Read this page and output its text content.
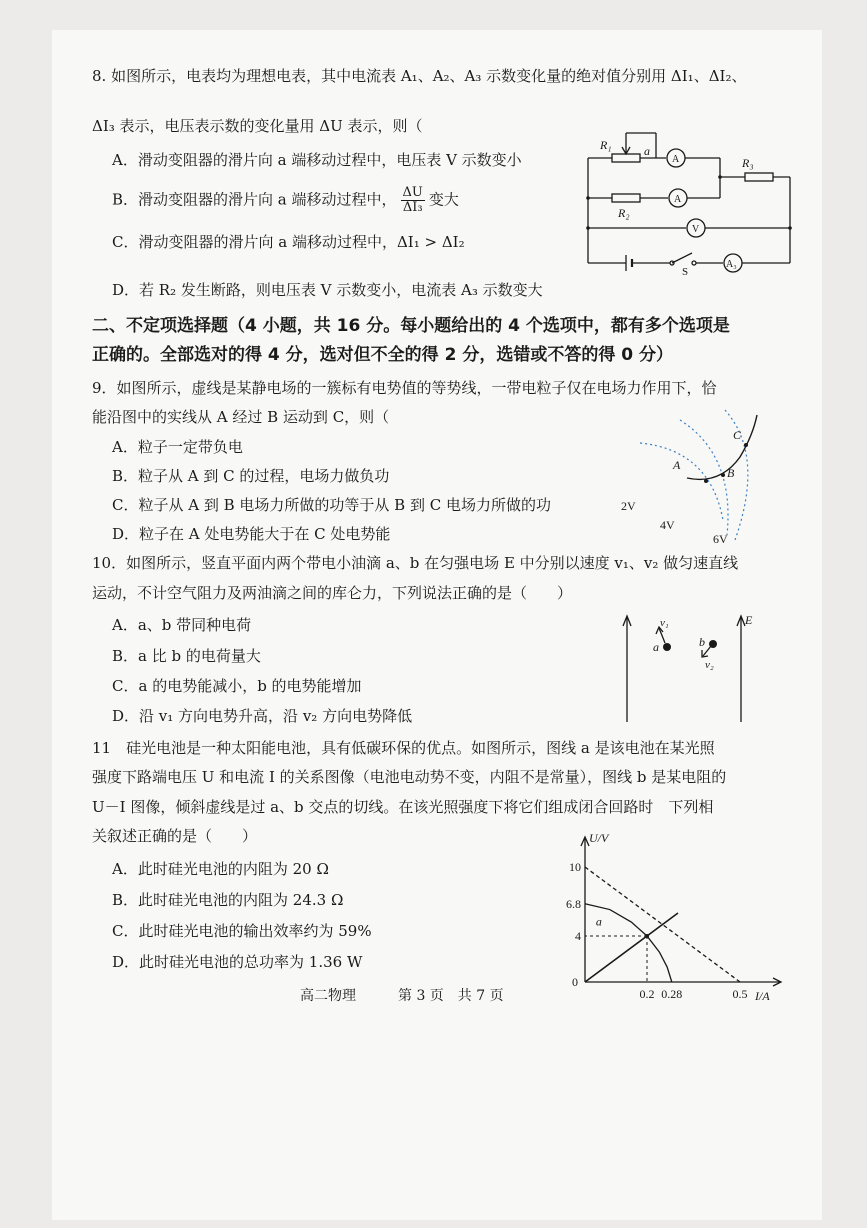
8. 如图所示，电表均为理想电表，其中电流表 A₁、A₂、A₃ 示数变化量的绝对值分别用 ΔI₁、ΔI₂、
ΔI₃ 表示，电压表示数的变化量用 ΔU 表示，则（
A．滑动变阻器的滑片向 a 端移动过程中，电压表 V 示数变小
B．滑动变阻器的滑片向 a 端移动过程中， $\frac{\Delta U}{\text{ΔI₃}}$ 变大
C．滑动变阻器的滑片向 a 端移动过程中，ΔI₁ > ΔI₂
D．若 R₂ 发生断路，则电压表 V 示数变小，电流表 A₃ 示数变大
R₁	a
A	R₃
A
R₂
V
S
A₃
二、不定项选择题（4 小题，共 16 分。每小题给出的 4 个选项中，都有多个选项是
正确的。全部选对的得 4 分，选对但不全的得 2 分，选错或不答的得 0 分）
9．如图所示，虚线是某静电场的一簇标有电势值的等势线，一带电粒子仅在电场力作用下，恰
能沿图中的实线从 A 经过 B 运动到 C，则（
A．粒子一定带负电
B．粒子从 A 到 C 的过程，电场力做负功
C．粒子从 A 到 B 电场力所做的功等于从 B 到 C 电场力所做的功
D．粒子在 A 处电势能大于在 C 处电势能
A
B
C
2V
4V
6V
10．如图所示，竖直平面内两个带电小油滴 a、b 在匀强电场 E 中分别以速度 v₁、v₂ 做匀速直线
运动，不计空气阻力及两油滴之间的库仑力，下列说法正确的是（　　）
A．a、b 带同种电荷
B．a 比 b 的电荷量大
C．a 的电势能减小，b 的电势能增加
D．沿 v₁ 方向电势升高，沿 v₂ 方向电势降低
E
a	b
v₁
v₂
11　硅光电池是一种太阳能电池，具有低碳环保的优点。如图所示，图线 a 是该电池在某光照
强度下路端电压 U 和电流 I 的关系图像（电池电动势不变，内阻不是常量），图线 b 是某电阻的
U－I 图像，倾斜虚线是过 a、b 交点的切线。在该光照强度下将它们组成闭合回路时　下列相
关叙述正确的是（　　）
A．此时硅光电池的内阻为 20 Ω
B．此时硅光电池的内阻为 24.3 Ω
C．此时硅光电池的输出效率约为 59%
D．此时硅光电池的总功率为 1.36 W
4
6.8
10
0.2 0.28	0.5
a
U/V
I/A
0
高二物理	第 3 页　共 7 页
